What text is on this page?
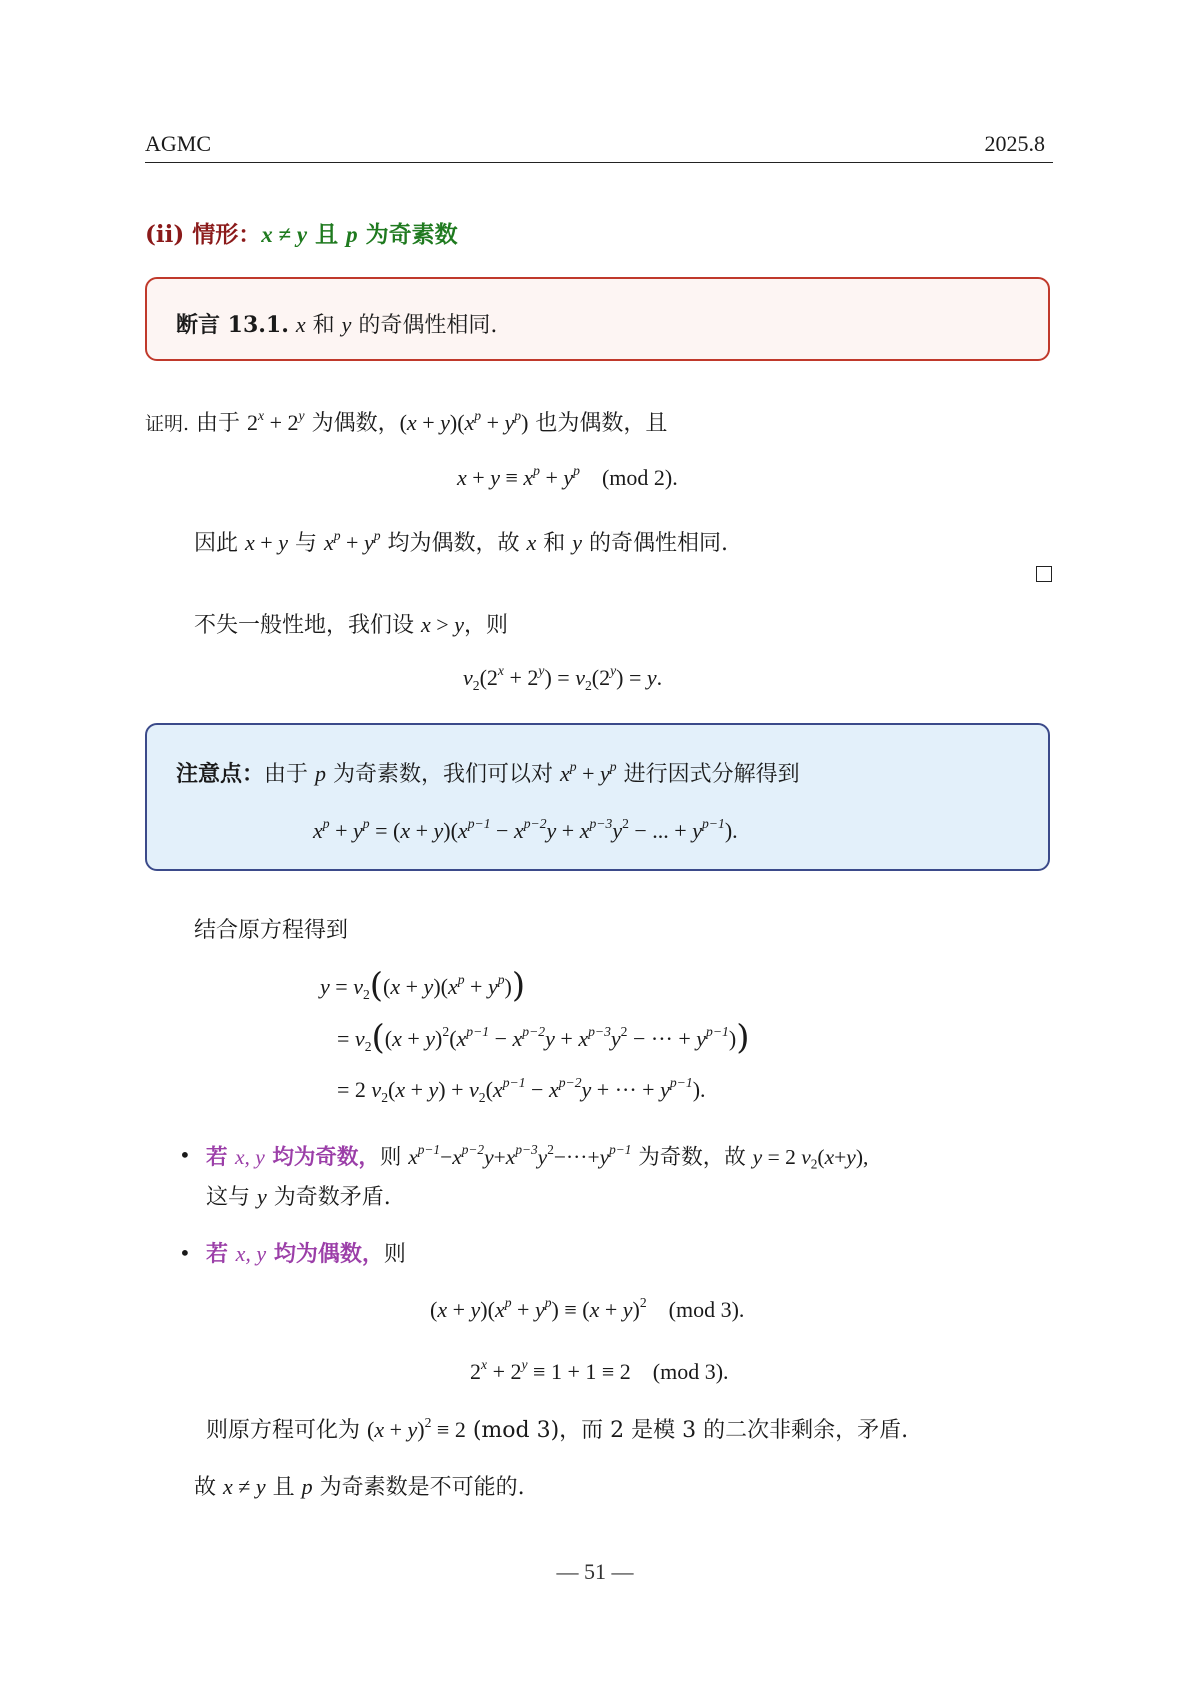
AGMC	2025.8
(ii) 情形：x ≠ y 且 p 为奇素数
断言 13.1. x 和 y 的奇偶性相同.
证明. 由于 $2^x + 2^y$ 为偶数，$(x + y)(x^p + y^p)$ 也为偶数，且
$x + y \equiv x^p + y^p$ (mod 2).
因此 x + y 与 $x^p + y^p$ 均为偶数，故 x 和 y 的奇偶性相同.
不失一般性地，我们设 x > y，则
$\nu_2(2^x + 2^y) = \nu_2(2^y) = y$.
注意点：由于 p 为奇素数，我们可以对 $x^p + y^p$ 进行因式分解得到
$x^p + y^p = (x + y)(x^{p-1} - x^{p-2}y + x^{p-3}y^2$ − ... + $y^{p-1}$).
结合原方程得到
$y = \nu_2((x + y)(x^p + y^p))$
= $\nu_2((x + y)^2(x^{p-1} - x^{p-2}y + x^{p-3}y^2$ − ··· + $y^{p-1}$))
= 2 $\nu_2(x + y) + \nu_2(x^{p-1} - x^{p-2}y$ + ··· + $y^{p-1}$).
• 若 x, y 均为奇数，则 $x^{p-1}-x^{p-2}y+x^{p-3}y^2-\cdot\cdot\cdot+y^{p-1}$ 为奇数，故 y = 2 $\nu_2(x+y)$,
这与 y 为奇数矛盾.
• 若 x, y 均为偶数，则
$(x + y)(x^p + y^p) \equiv (x + y)^2$ (mod 3).
$2^x + 2^y \equiv 1 + 1 \equiv 2$    (mod 3).
则原方程可化为 $(x + y)^2 \equiv 2$ (mod 3)，而 2 是模 3 的二次非剩余，矛盾.
故 x ≠ y 且 p 为奇素数是不可能的.
— 51 —
